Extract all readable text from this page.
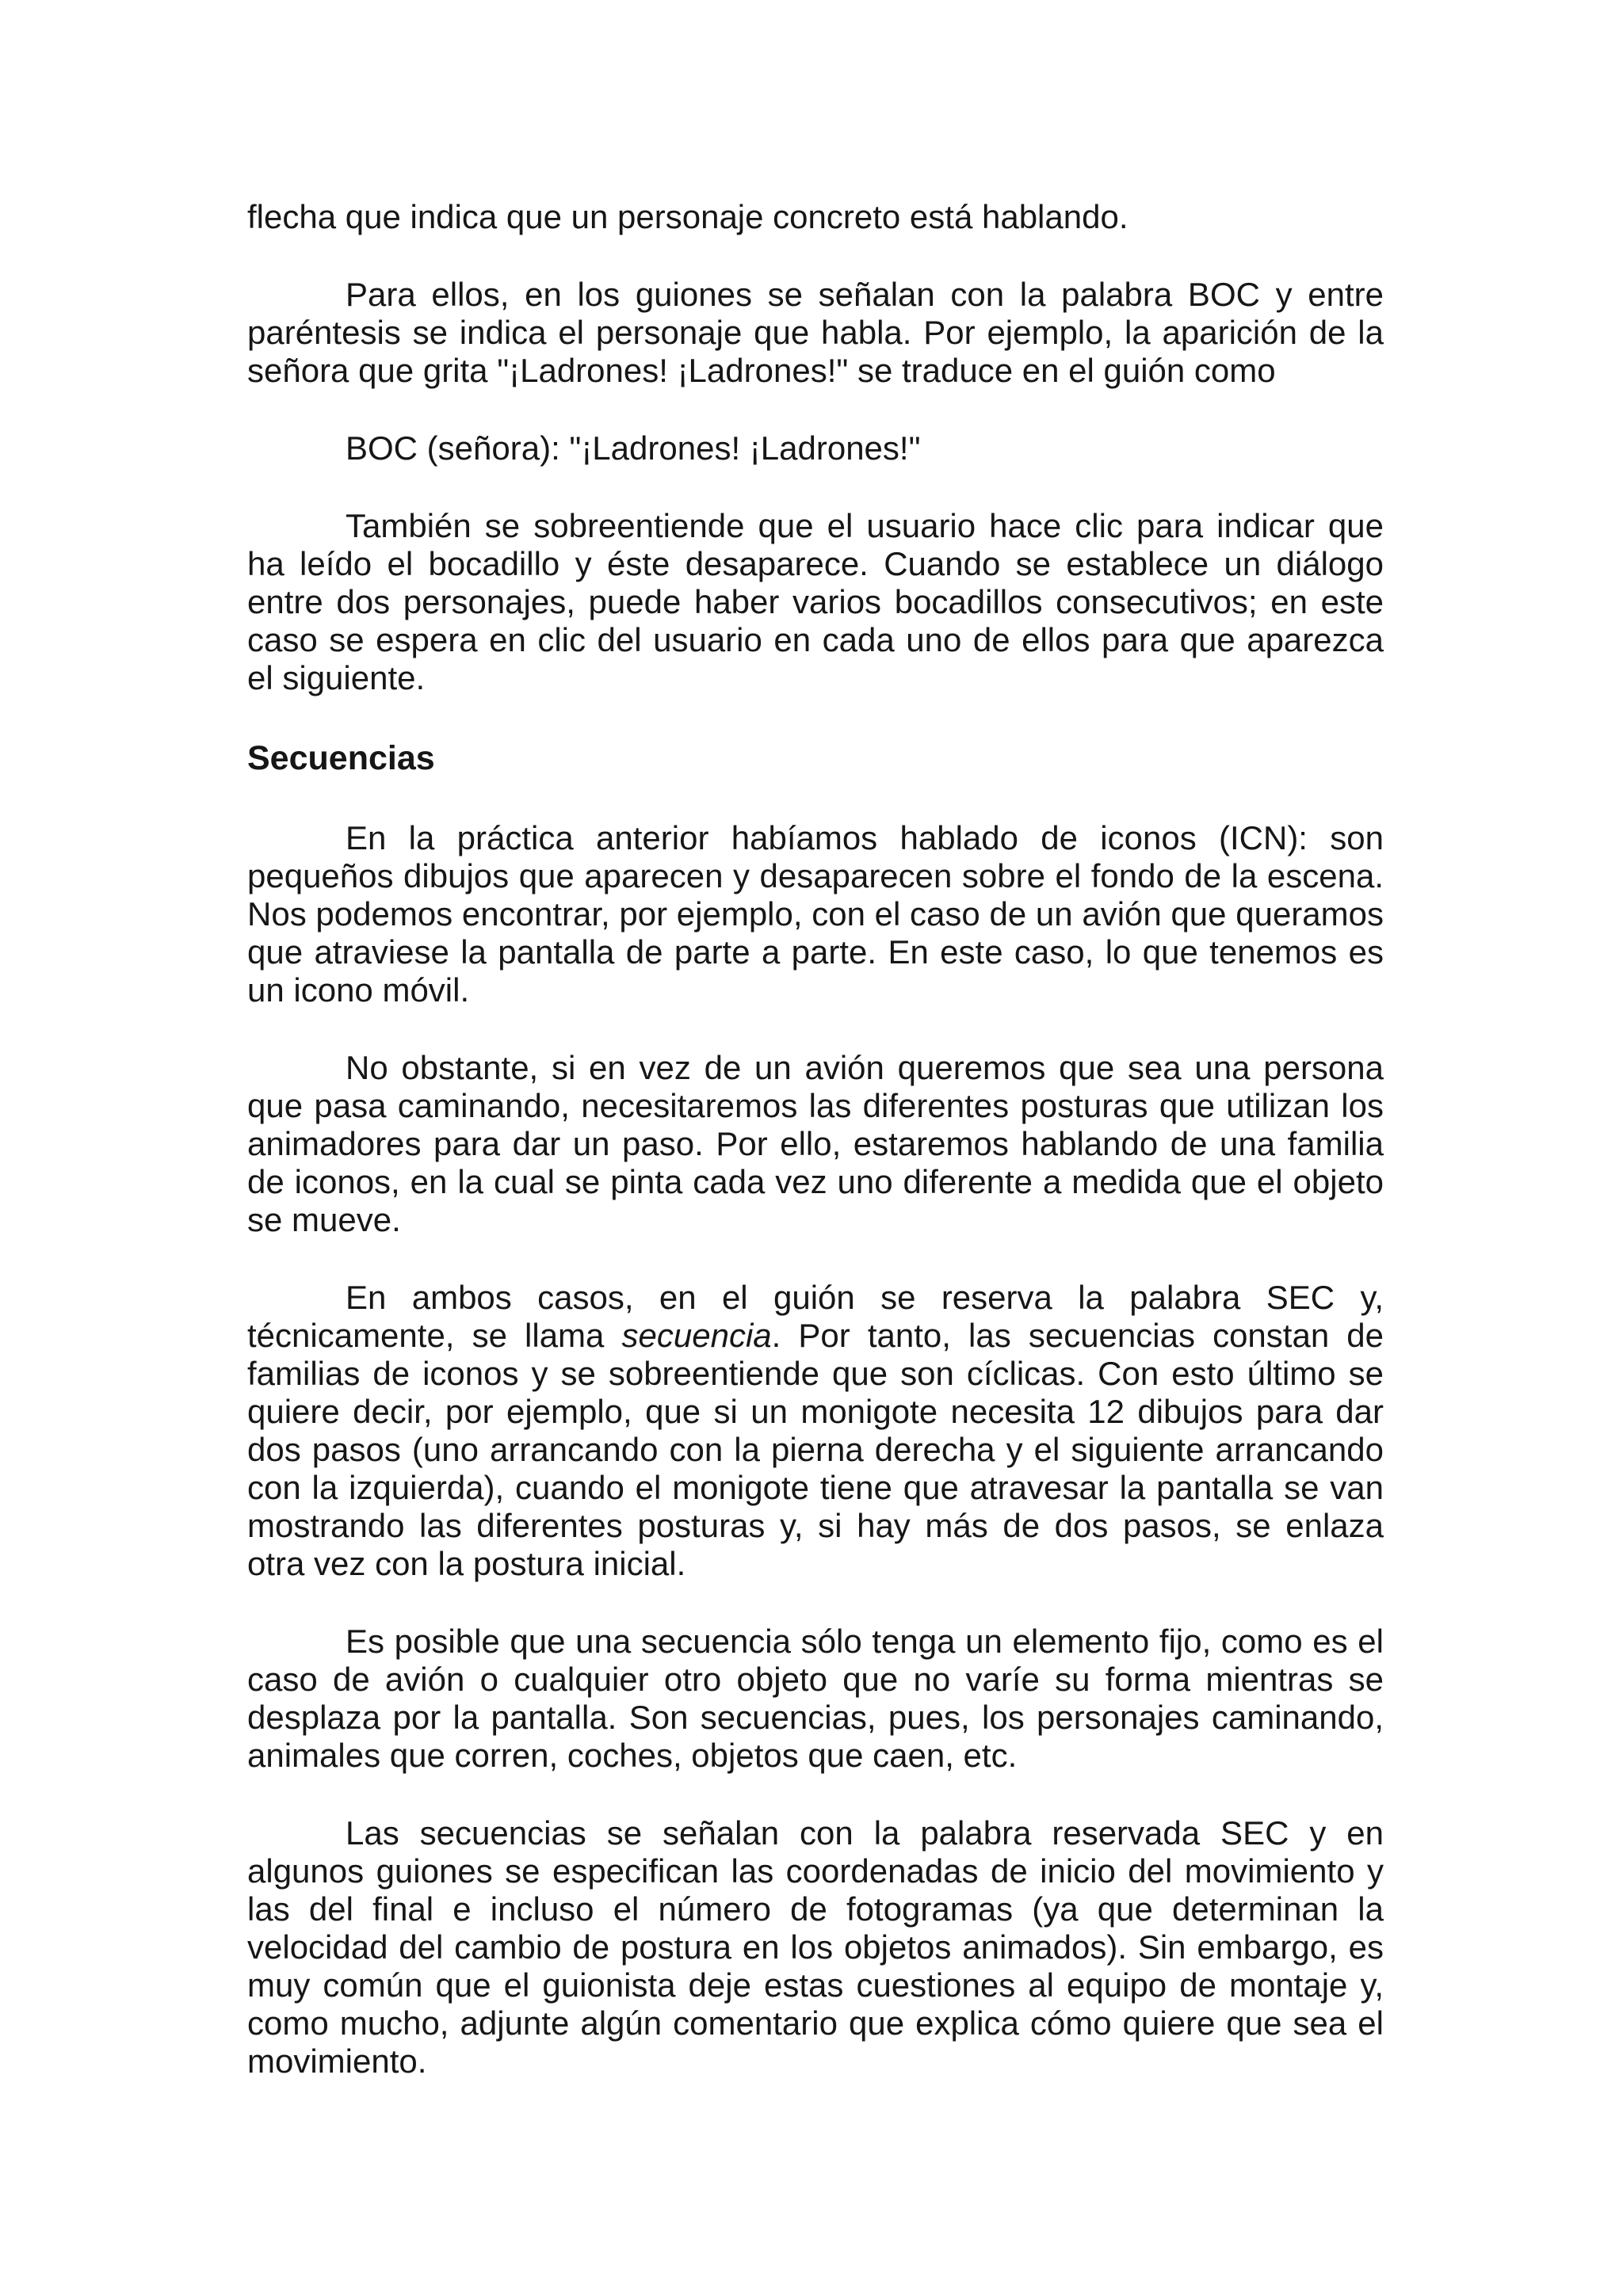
flecha que indica que un personaje concreto está hablando.

Para ellos, en los guiones se señalan con la palabra BOC y entre paréntesis se indica el personaje que habla. Por ejemplo, la aparición de la señora que grita "¡Ladrones! ¡Ladrones!" se traduce en el guión como

BOC (señora): "¡Ladrones! ¡Ladrones!"

También se sobreentiende que el usuario hace clic para indicar que ha leído el bocadillo y éste desaparece. Cuando se establece un diálogo entre dos personajes, puede haber varios bocadillos consecutivos; en este caso se espera en clic del usuario en cada uno de ellos para que aparezca el siguiente.

Secuencias

En la práctica anterior habíamos hablado de iconos (ICN): son pequeños dibujos que aparecen y desaparecen sobre el fondo de la escena. Nos podemos encontrar, por ejemplo, con el caso de un avión que queramos que atraviese la pantalla de parte a parte. En este caso, lo que tenemos es un icono móvil.

No obstante, si en vez de un avión queremos que sea una persona que pasa caminando, necesitaremos las diferentes posturas que utilizan los animadores para dar un paso. Por ello, estaremos hablando de una familia de iconos, en la cual se pinta cada vez uno diferente a medida que el objeto se mueve.

En ambos casos, en el guión se reserva la palabra SEC y, técnicamente, se llama secuencia. Por tanto, las secuencias constan de familias de iconos y se sobreentiende que son cíclicas. Con esto último se quiere decir, por ejemplo, que si un monigote necesita 12 dibujos para dar dos pasos (uno arrancando con la pierna derecha y el siguiente arrancando con la izquierda), cuando el monigote tiene que atravesar la pantalla se van mostrando las diferentes posturas y, si hay más de dos pasos, se enlaza otra vez con la postura inicial.

Es posible que una secuencia sólo tenga un elemento fijo, como es el caso de avión o cualquier otro objeto que no varíe su forma mientras se desplaza por la pantalla. Son secuencias, pues, los personajes caminando, animales que corren, coches, objetos que caen, etc.

Las secuencias se señalan con la palabra reservada SEC y en algunos guiones se especifican las coordenadas de inicio del movimiento y las del final e incluso el número de fotogramas (ya que determinan la velocidad del cambio de postura en los objetos animados). Sin embargo, es muy común que el guionista deje estas cuestiones al equipo de montaje y, como mucho, adjunte algún comentario que explica cómo quiere que sea el movimiento.
